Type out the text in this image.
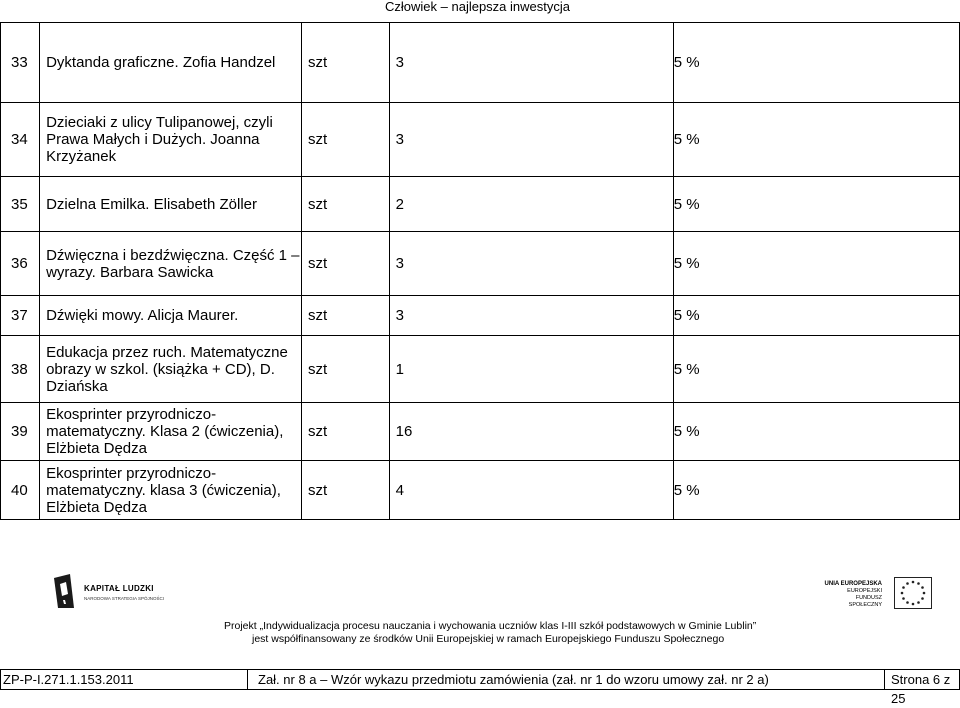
Człowiek – najlepsza inwestycja
33	Dyktanda graficzne. Zofia Handzel	szt	3	5 %
34	Dzieciaki z ulicy Tulipanowej, czyli Prawa Małych i Dużych. Joanna Krzyżanek	szt	3	5 %
35	Dzielna Emilka. Elisabeth Zöller	szt	2	5 %
36	Dźwięczna i bezdźwięczna. Część 1 – wyrazy. Barbara Sawicka	szt	3	5 %
37	Dźwięki mowy. Alicja Maurer.	szt	3	5 %
38	Edukacja przez ruch. Matematyczne obrazy w szkol. (książka + CD), D. Dziańska	szt	1	5 %
39	Ekosprinter przyrodniczo-matematyczny. Klasa 2 (ćwiczenia), Elżbieta Dędza	szt	16	5 %
40	Ekosprinter przyrodniczo-matematyczny. klasa 3 (ćwiczenia), Elżbieta Dędza	szt	4	5 %
KAPITAŁ LUDZKI
NARODOWA STRATEGIA SPÓJNOŚCI
UNIA EUROPEJSKA
EUROPEJSKI
FUNDUSZ SPOŁECZNY
Projekt „Indywidualizacja procesu nauczania i wychowania uczniów klas I-III szkół podstawowych w Gminie Lublin”
jest współfinansowany ze środków Unii Europejskiej w ramach Europejskiego Funduszu Społecznego
ZP-P-I.271.1.153.2011	Zał. nr 8 a – Wzór wykazu przedmiotu zamówienia (zał. nr 1 do wzoru umowy zał. nr 2 a)	Strona 6 z 25
